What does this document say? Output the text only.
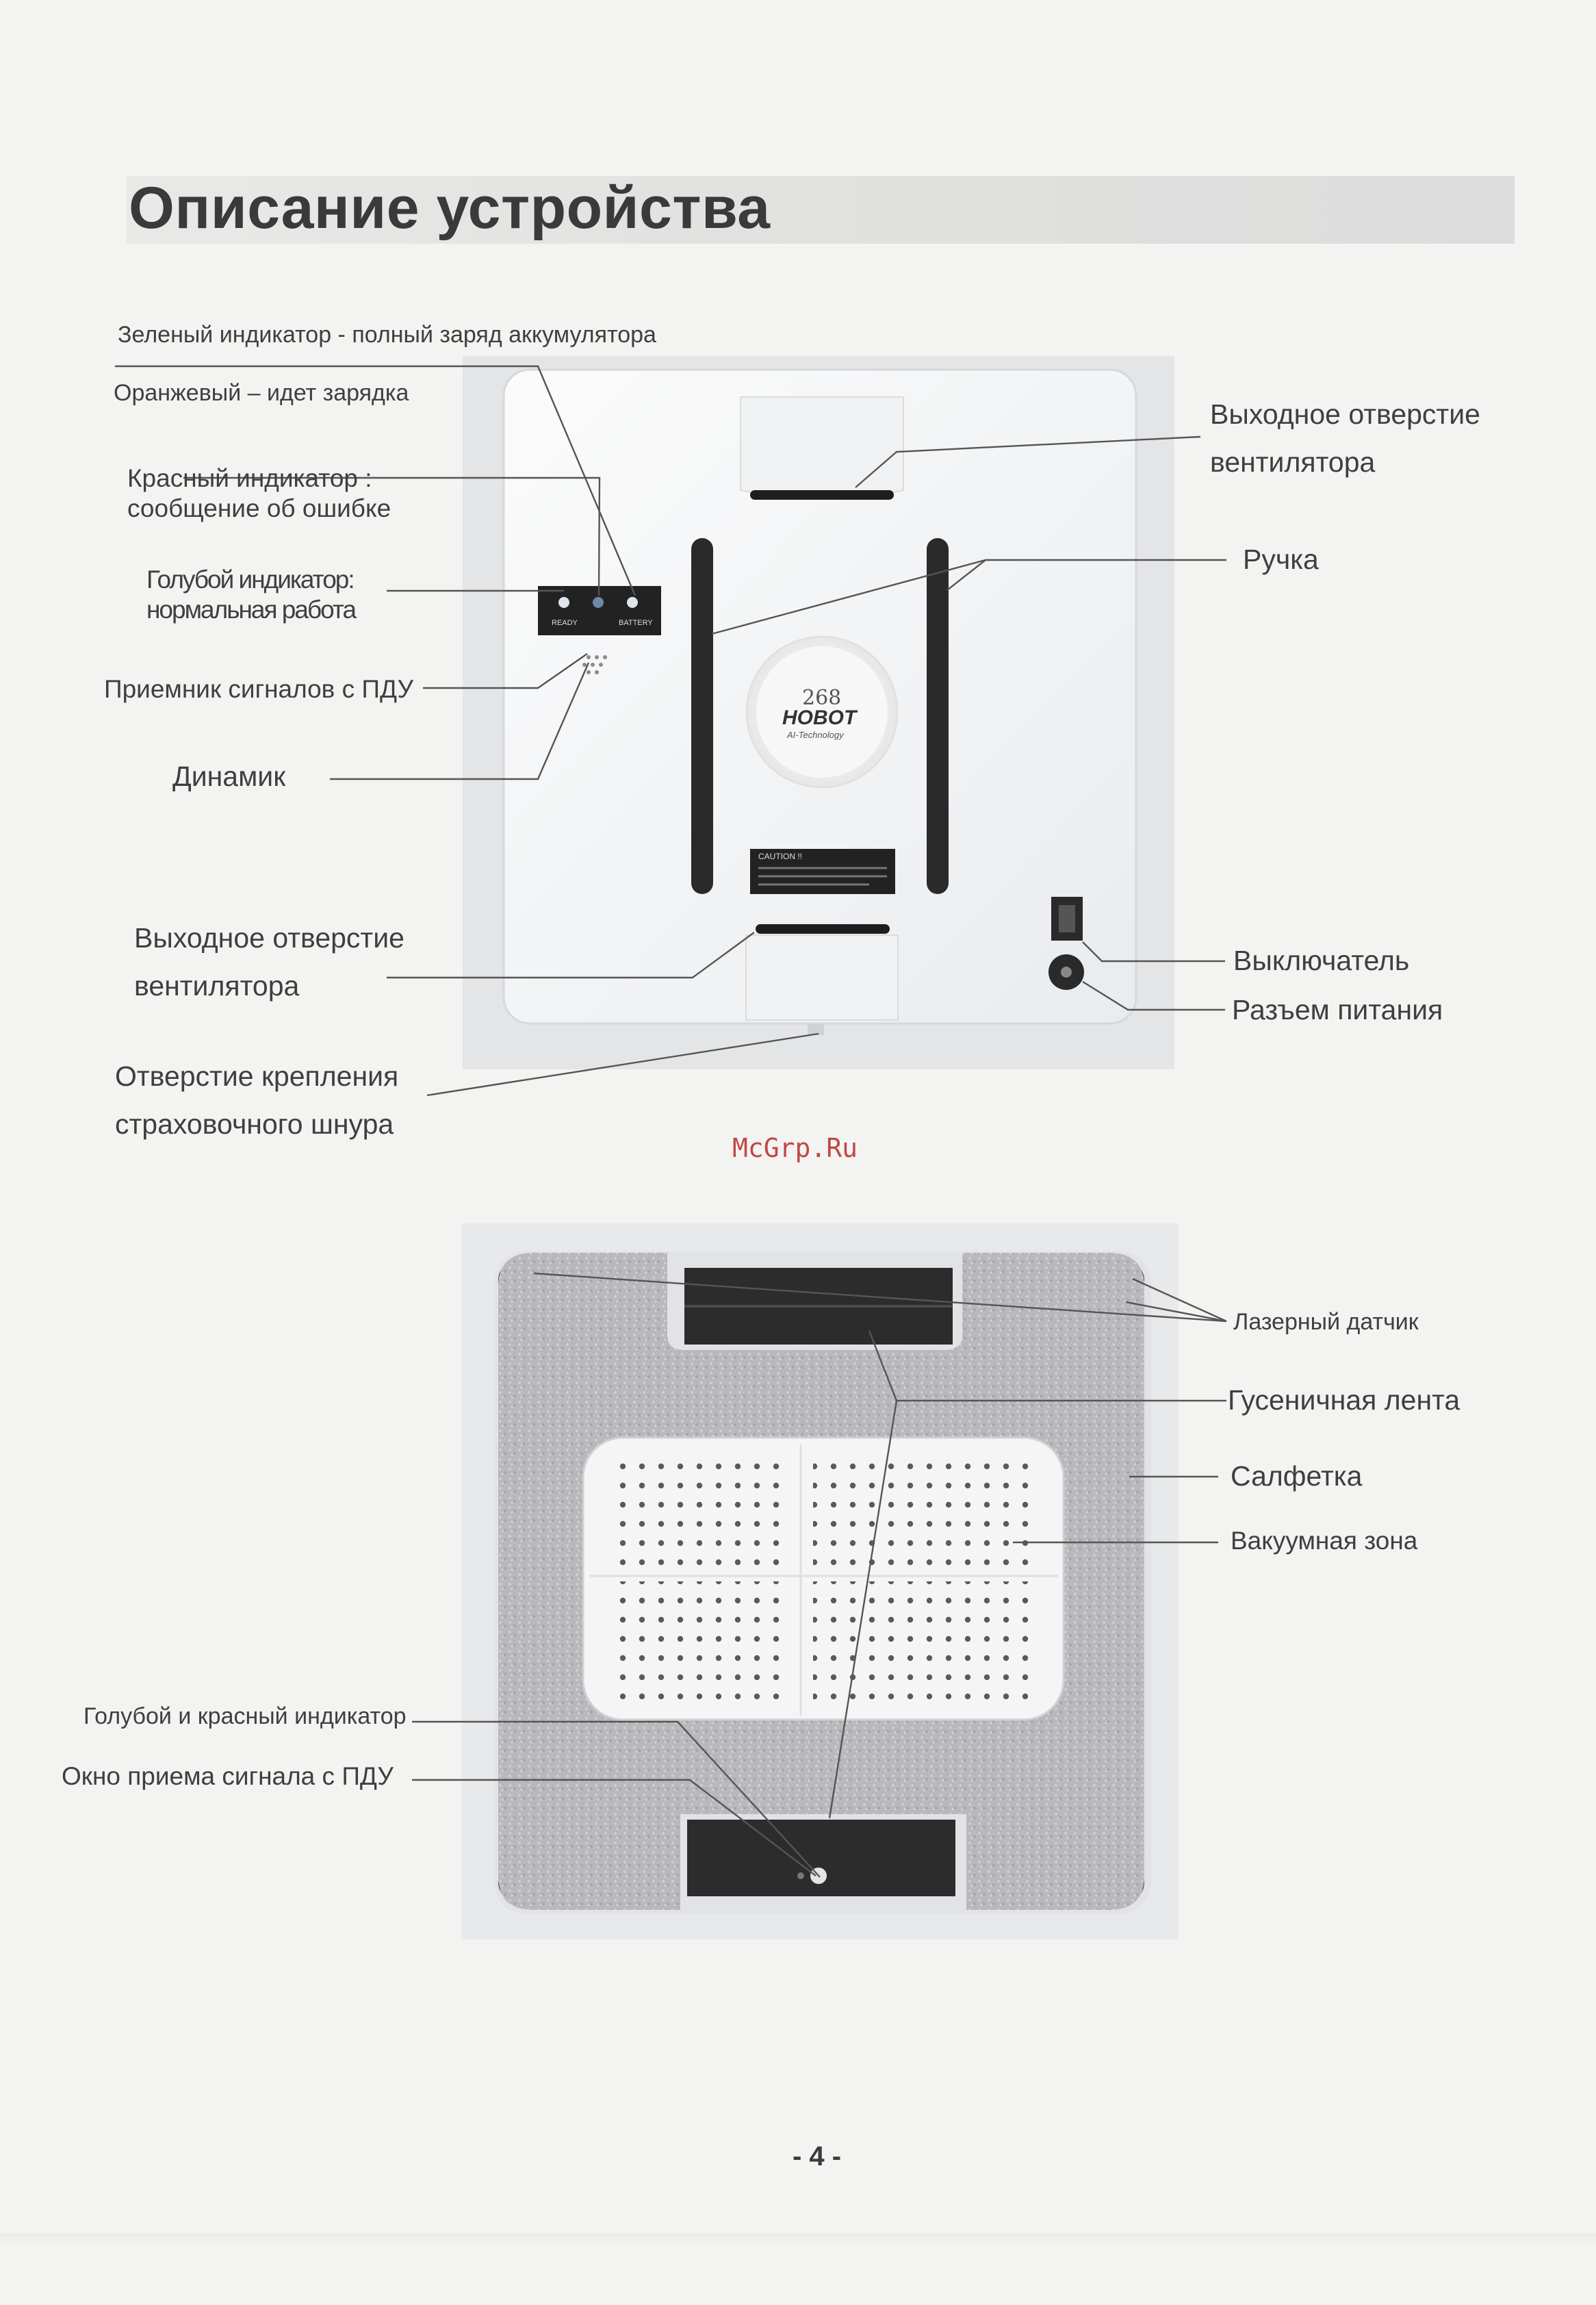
Описание устройства
READY	BATTERY
268
HOBOT
AI-Technology
CAUTION !!
Зеленый индикатор - полный заряд аккумулятора
Оранжевый – идет зарядка
Красный индикатор :
сообщение об ошибке
Голубой индикатор:
нормальная работа
Приемник сигналов с ПДУ
Динамик
Выходное отверстие
вентилятора
Отверстие крепления
страховочного шнура
Выходное отверстие
вентилятора
Ручка
Выключатель
Разъем питания
McGrp.Ru
Лазерный датчик
Гусеничная лента
Салфетка
Вакуумная зона
Голубой и красный индикатор
Окно приема сигнала с ПДУ
- 4 -
